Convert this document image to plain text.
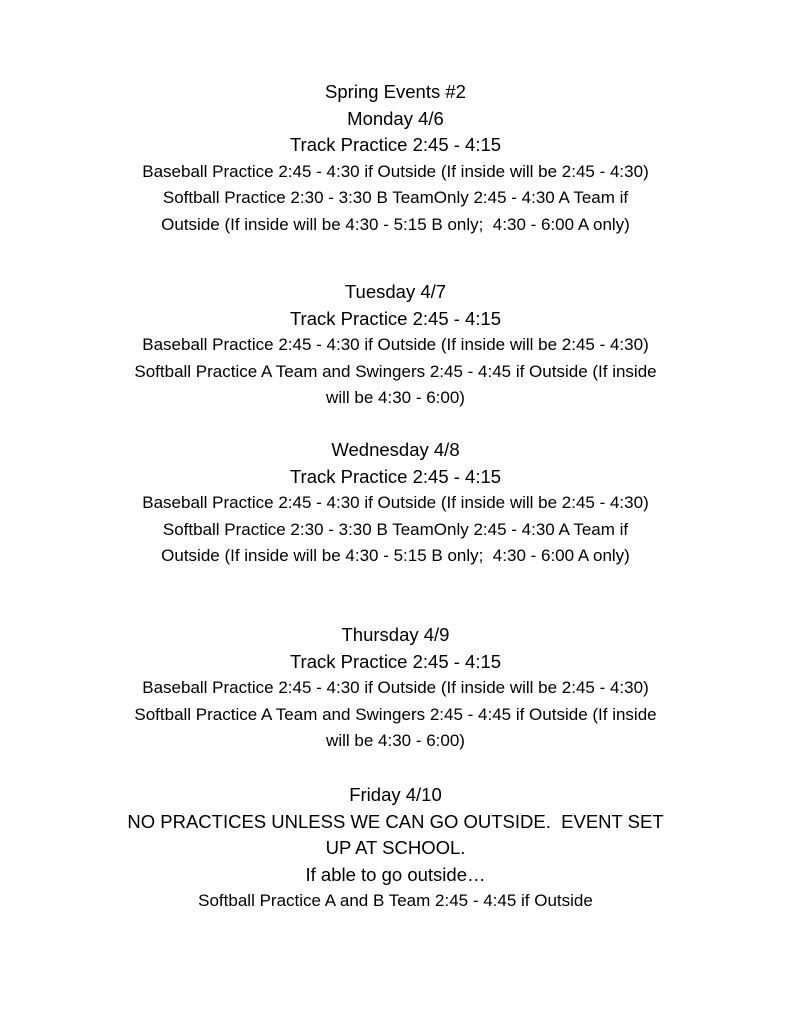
Spring Events #2
Monday 4/6
Track Practice 2:45 - 4:15
Baseball Practice 2:45 - 4:30 if Outside (If inside will be 2:45 - 4:30)
Softball Practice 2:30 - 3:30 B TeamOnly 2:45 - 4:30 A Team if
Outside (If inside will be 4:30 - 5:15 B only;  4:30 - 6:00 A only)
Tuesday 4/7
Track Practice 2:45 - 4:15
Baseball Practice 2:45 - 4:30 if Outside (If inside will be 2:45 - 4:30)
Softball Practice A Team and Swingers 2:45 - 4:45 if Outside (If inside
will be 4:30 - 6:00)
Wednesday 4/8
Track Practice 2:45 - 4:15
Baseball Practice 2:45 - 4:30 if Outside (If inside will be 2:45 - 4:30)
Softball Practice 2:30 - 3:30 B TeamOnly 2:45 - 4:30 A Team if
Outside (If inside will be 4:30 - 5:15 B only;  4:30 - 6:00 A only)
Thursday 4/9
Track Practice 2:45 - 4:15
Baseball Practice 2:45 - 4:30 if Outside (If inside will be 2:45 - 4:30)
Softball Practice A Team and Swingers 2:45 - 4:45 if Outside (If inside
will be 4:30 - 6:00)
Friday 4/10
NO PRACTICES UNLESS WE CAN GO OUTSIDE.  EVENT SET
UP AT SCHOOL.
If able to go outside…
Softball Practice A and B Team 2:45 - 4:45 if Outside
